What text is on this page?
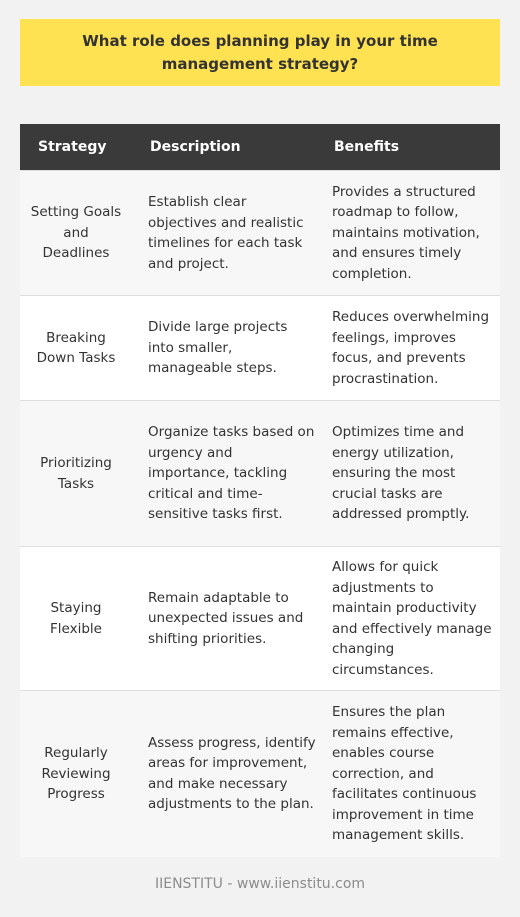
What role does planning play in your time management strategy?
Strategy	Description	Benefits
Setting Goals and Deadlines	Establish clear objectives and realistic timelines for each task and project.	Provides a structured roadmap to follow, maintains motivation, and ensures timely completion.
Breaking Down Tasks	Divide large projects into smaller, manageable steps.	Reduces overwhelming feelings, improves focus, and prevents procrastination.
Prioritizing Tasks	Organize tasks based on urgency and importance, tackling critical and time-sensitive tasks first.	Optimizes time and energy utilization, ensuring the most crucial tasks are addressed promptly.
Staying Flexible	Remain adaptable to unexpected issues and shifting priorities.	Allows for quick adjustments to maintain productivity and effectively manage changing circumstances.
Regularly Reviewing Progress	Assess progress, identify areas for improvement, and make necessary adjustments to the plan.	Ensures the plan remains effective, enables course correction, and facilitates continuous improvement in time management skills.
IIENSTITU - www.iienstitu.com
